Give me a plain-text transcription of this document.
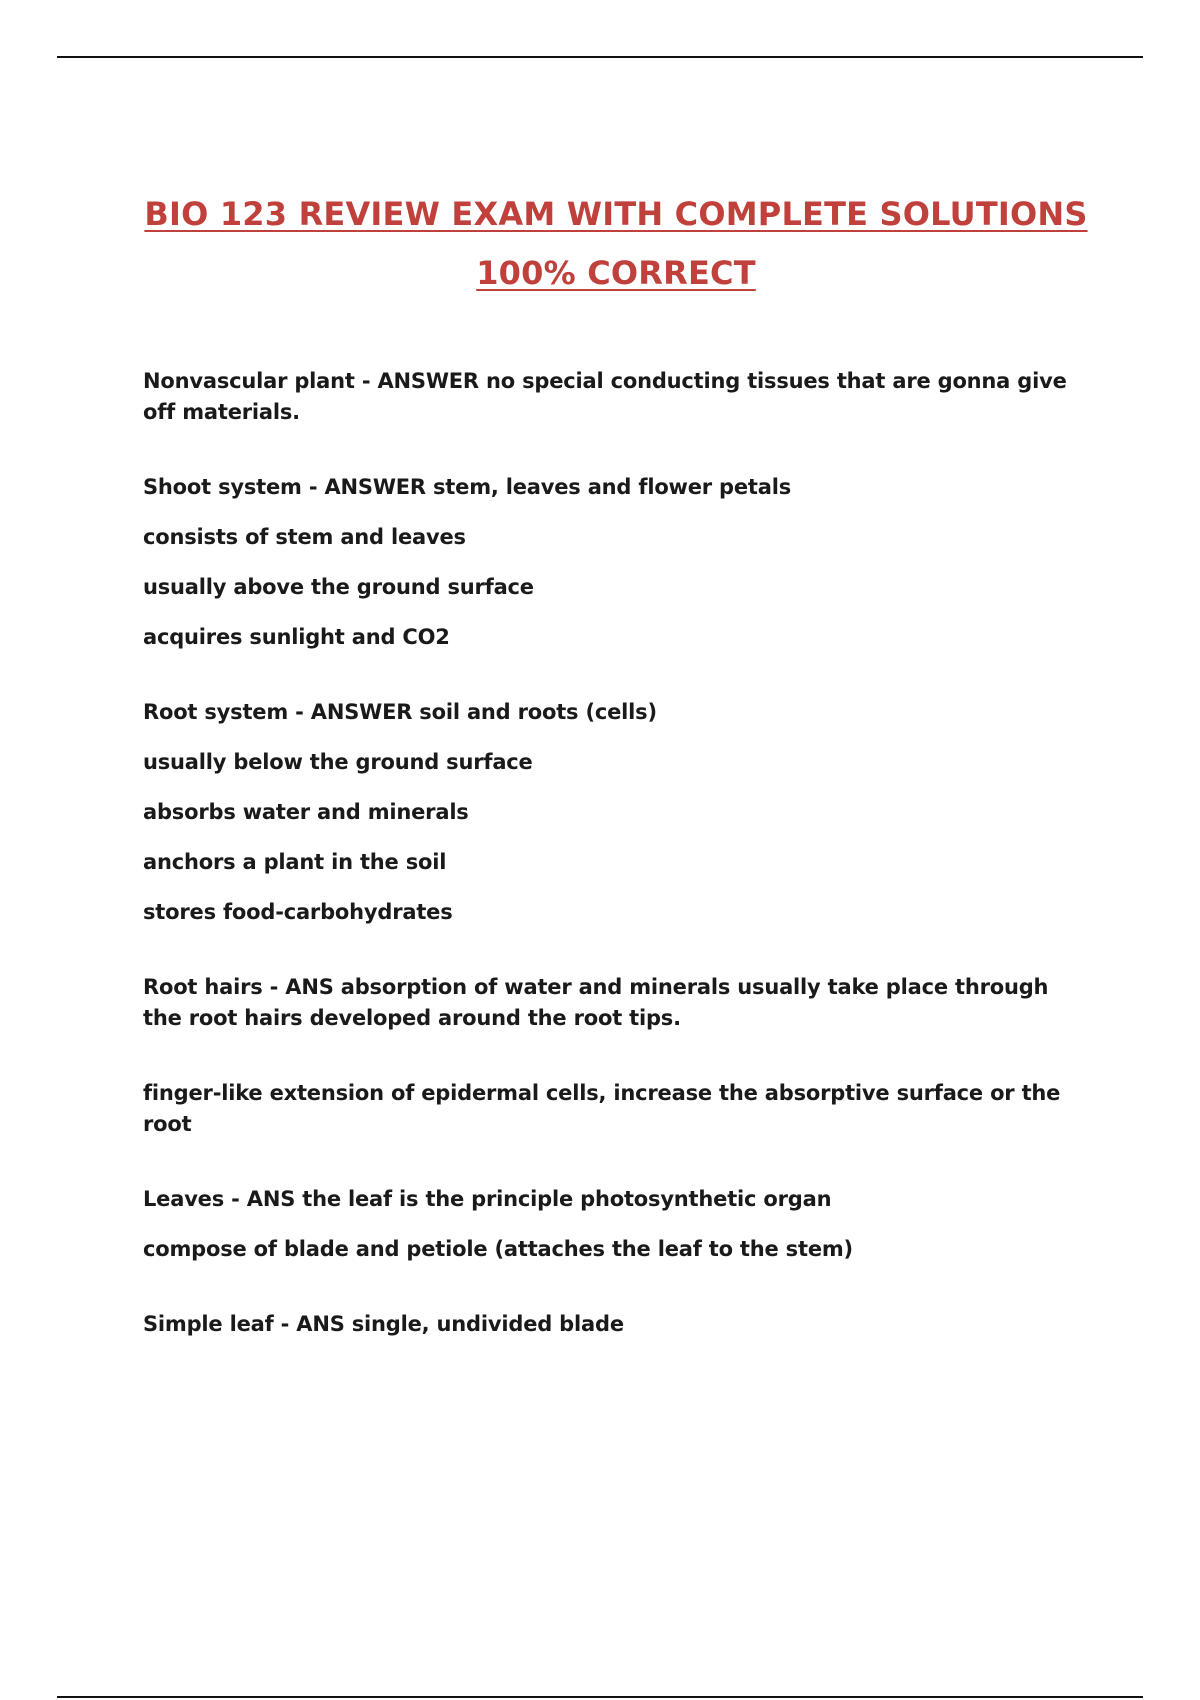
BIO 123 REVIEW EXAM WITH COMPLETE SOLUTIONS
100% CORRECT
Nonvascular plant - ANSWER no special conducting tissues that are gonna give off materials.
Shoot system - ANSWER stem, leaves and flower petals
consists of stem and leaves
usually above the ground surface
acquires sunlight and CO2
Root system - ANSWER soil and roots (cells)
usually below the ground surface
absorbs water and minerals
anchors a plant in the soil
stores food-carbohydrates
Root hairs - ANS absorption of water and minerals usually take place through the root hairs developed around the root tips.
finger-like extension of epidermal cells, increase the absorptive surface or the root
Leaves - ANS the leaf is the principle photosynthetic organ
compose of blade and petiole (attaches the leaf to the stem)
Simple leaf - ANS single, undivided blade
